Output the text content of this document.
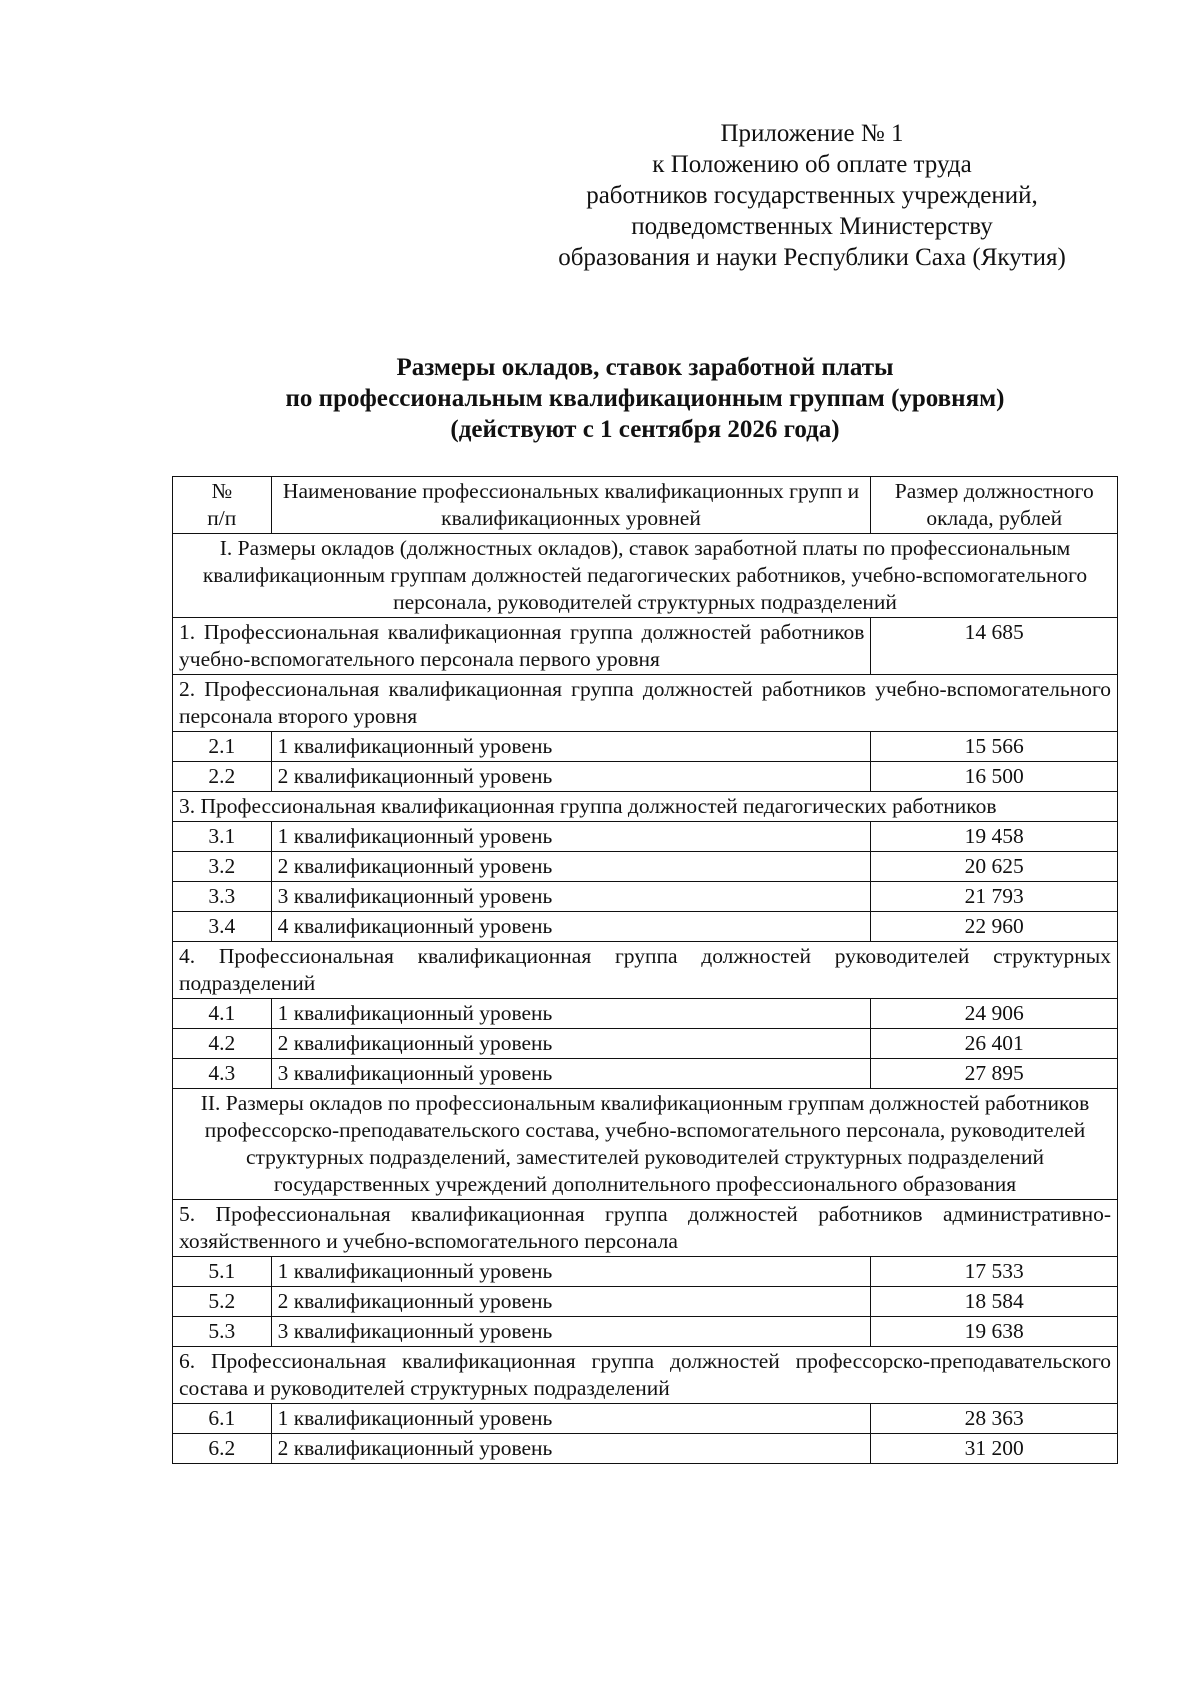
Приложение № 1
к Положению об оплате труда
работников государственных учреждений,
подведомственных Министерству
образования и науки Республики Саха (Якутия)
Размеры окладов, ставок заработной платы
по профессиональным квалификационным группам (уровням)
(действуют с 1 сентября 2026 года)
№
п/п	Наименование профессиональных квалификационных групп и квалификационных уровней	Размер должностного оклада, рублей
I. Размеры окладов (должностных окладов), ставок заработной платы по профессиональным квалификационным группам должностей педагогических работников, учебно-вспомогательного персонала, руководителей структурных подразделений		
1. Профессиональная квалификационная группа должностей работников учебно-вспомогательного персонала первого уровня		14 685
2. Профессиональная квалификационная группа должностей работников учебно-вспомогательного персонала второго уровня		
2.1	1 квалификационный уровень	15 566
2.2	2 квалификационный уровень	16 500
3. Профессиональная квалификационная группа должностей педагогических работников		
3.1	1 квалификационный уровень	19 458
3.2	2 квалификационный уровень	20 625
3.3	3 квалификационный уровень	21 793
3.4	4 квалификационный уровень	22 960
4. Профессиональная квалификационная группа должностей руководителей структурных подразделений		
4.1	1 квалификационный уровень	24 906
4.2	2 квалификационный уровень	26 401
4.3	3 квалификационный уровень	27 895
II. Размеры окладов по профессиональным квалификационным группам должностей работников профессорско-преподавательского состава, учебно-вспомогательного персонала, руководителей структурных подразделений, заместителей руководителей структурных подразделений государственных учреждений дополнительного профессионального образования		
5. Профессиональная квалификационная группа должностей работников административно-хозяйственного и учебно-вспомогательного персонала		
5.1	1 квалификационный уровень	17 533
5.2	2 квалификационный уровень	18 584
5.3	3 квалификационный уровень	19 638
6. Профессиональная квалификационная группа должностей профессорско-преподавательского состава и руководителей структурных подразделений		
6.1	1 квалификационный уровень	28 363
6.2	2 квалификационный уровень	31 200
